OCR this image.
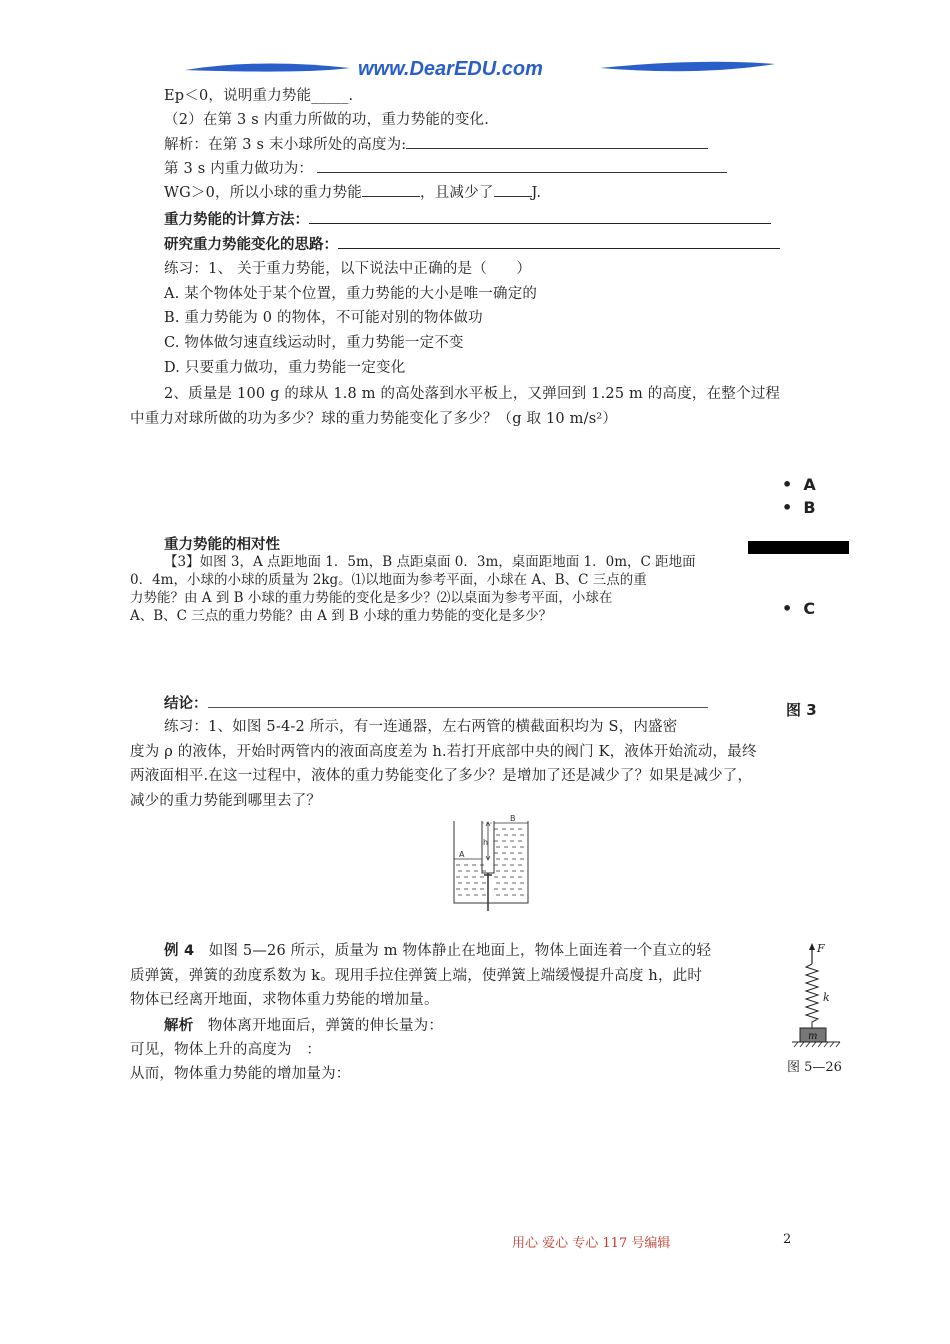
www.DearEDU.com
Ep＜0，说明重力势能_____.
（2）在第 3 s 内重力所做的功，重力势能的变化.
解析：在第 3 s 末小球所处的高度为:
第 3 s 内重力做功为：
WG＞0，所以小球的重力势能	，且减少了	J.
重力势能的计算方法：
研究重力势能变化的思路：
练习：1、 关于重力势能，以下说法中正确的是（　　）
A. 某个物体处于某个位置，重力势能的大小是唯一确定的
B. 重力势能为 0 的物体，不可能对别的物体做功
C. 物体做匀速直线运动时，重力势能一定不变
D. 只要重力做功，重力势能一定变化
2、质量是 100 g 的球从 1.8 m 的高处落到水平板上，又弹回到 1.25 m 的高度，在整个过程
中重力对球所做的功为多少？球的重力势能变化了多少？（g 取 10 m/s²）
•  A
•  B
•  C
图 3
重力势能的相对性
【3】如图 3，A 点距地面 1．5m，B 点距桌面 0．3m，桌面距地面 1．0m，C 距地面
0．4m，小球的小球的质量为 2kg。⑴以地面为参考平面，小球在 A、B、C 三点的重
力势能？由 A 到 B 小球的重力势能的变化是多少？⑵以桌面为参考平面，小球在
A、B、C 三点的重力势能？由 A 到 B 小球的重力势能的变化是多少？
结论：
练习：1、如图 5-4-2 所示，有一连通器，左右两管的横截面积均为 S，内盛密
度为 ρ 的液体，开始时两管内的液面高度差为 h.若打开底部中央的阀门 K，液体开始流动，最终
两液面相平.在这一过程中，液体的重力势能变化了多少？是增加了还是减少了？如果是减少了，
减少的重力势能到哪里去了？
A
B
h
例 4 如图 5—26 所示，质量为 m 物体静止在地面上，物体上面连着一个直立的轻
质弹簧，弹簧的劲度系数为 k。现用手拉住弹簧上端，使弹簧上端缓慢提升高度 h，此时
物体已经离开地面，求物体重力势能的增加量。
解析 物体离开地面后，弹簧的伸长量为：
可见，物体上升的高度为　：
从而，物体重力势能的增加量为：
F
k
m
图 5—26
用心 爱心 专心 117 号编辑	2
